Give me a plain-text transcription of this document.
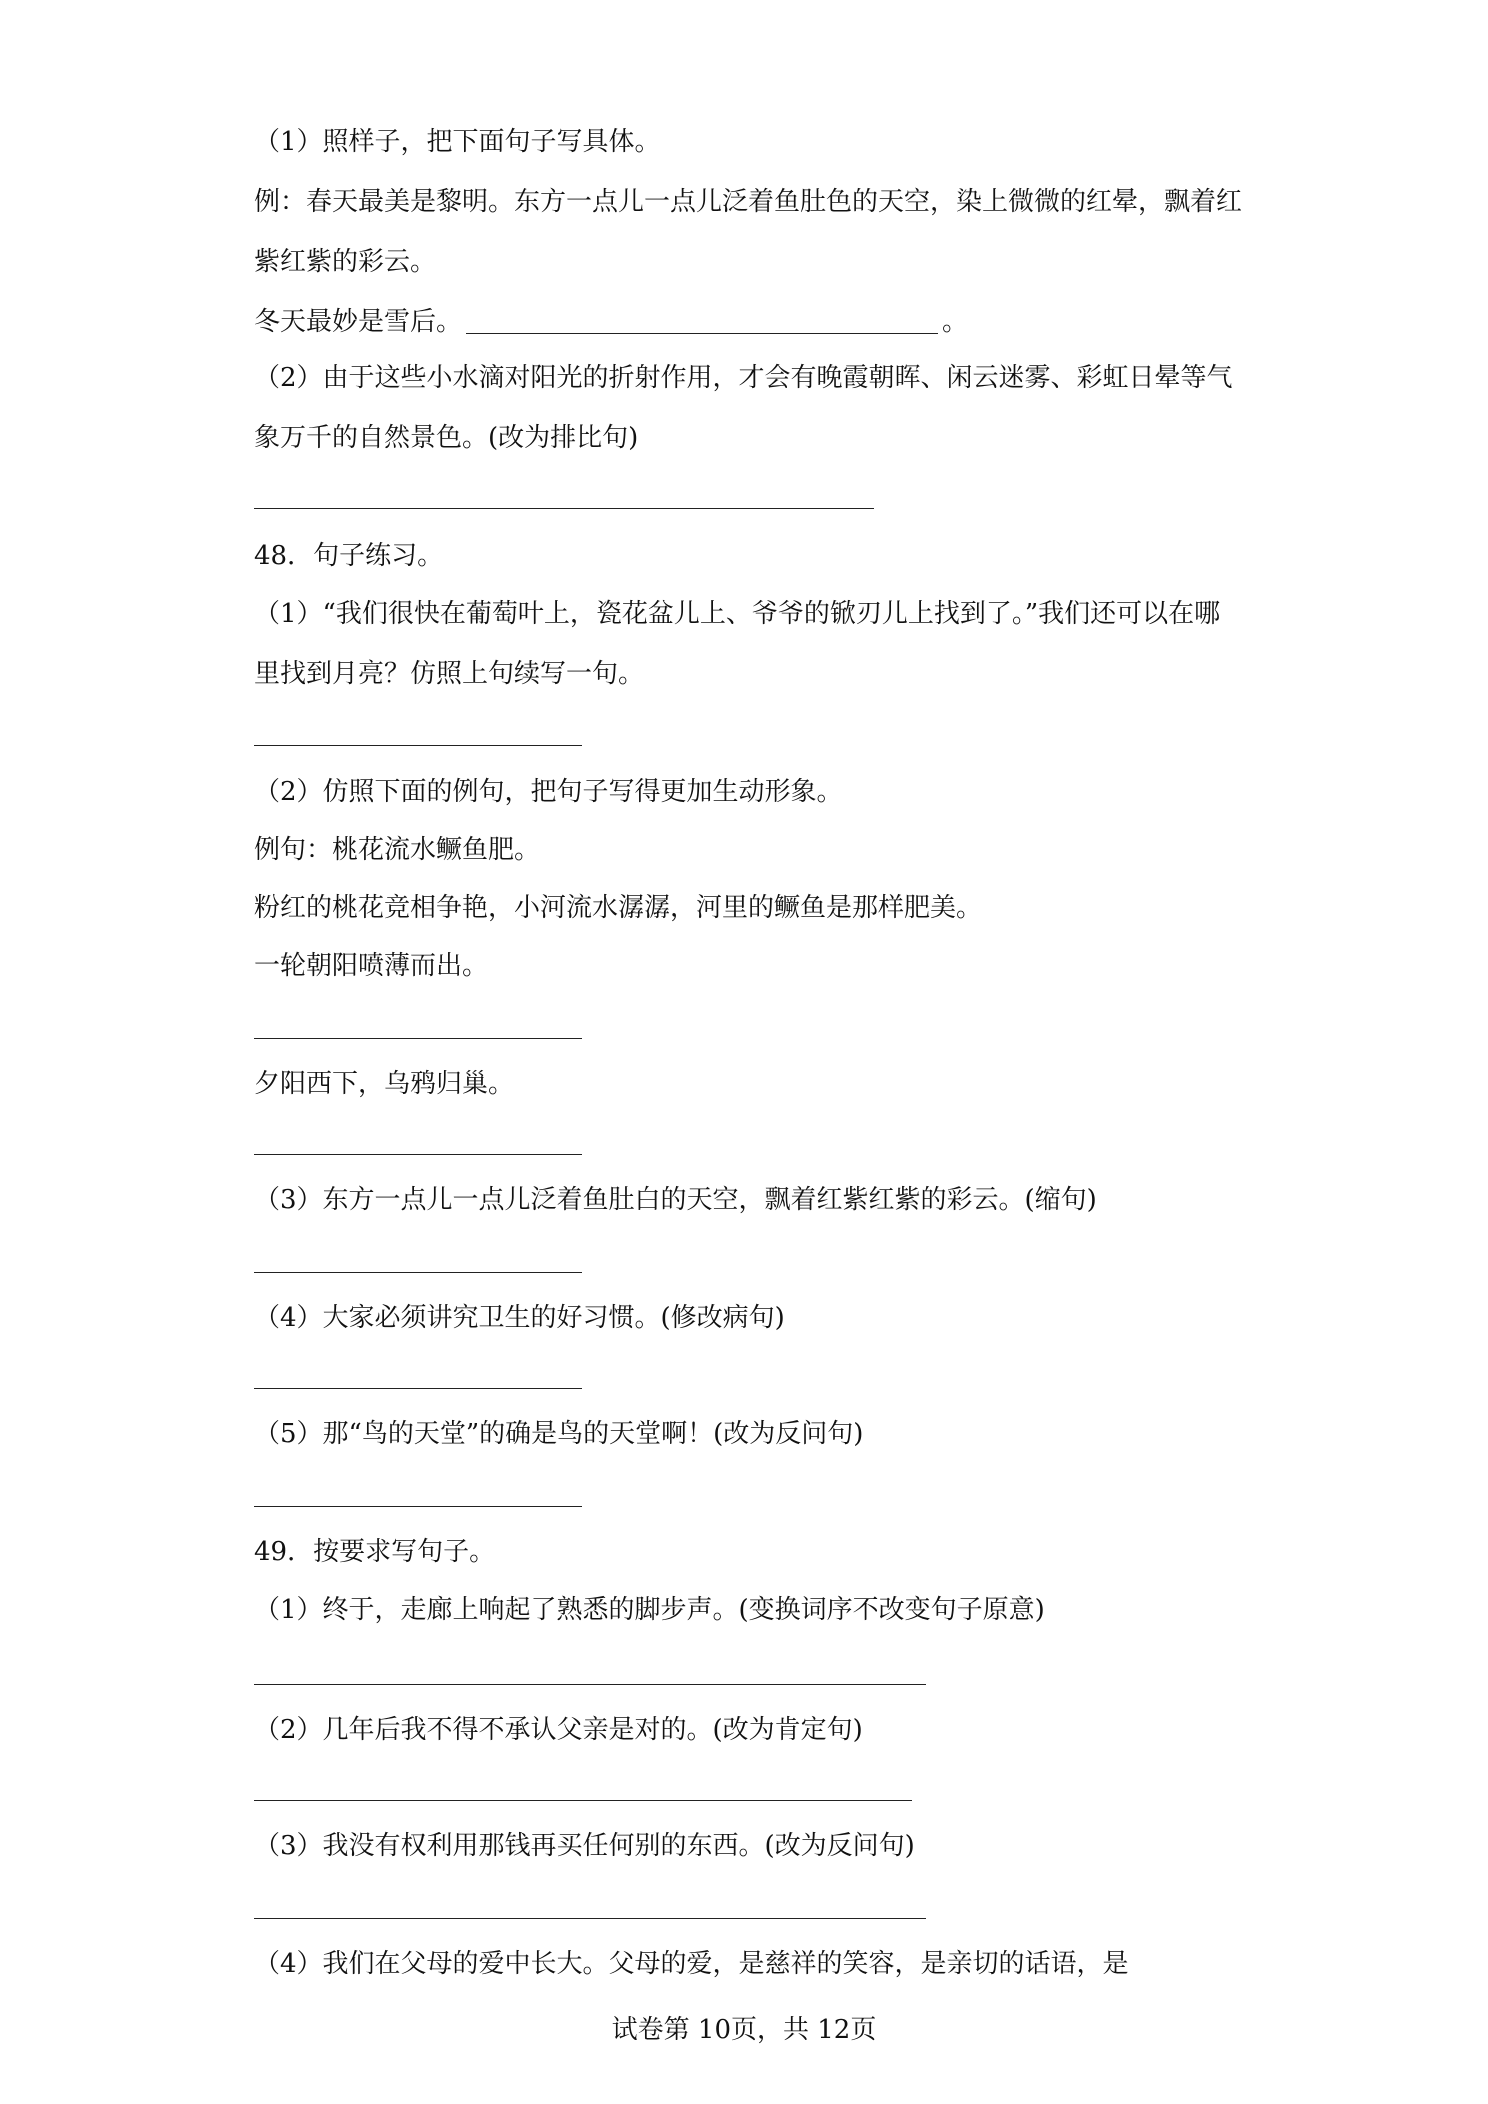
（1）照样子，把下面句子写具体。

例：春天最美是黎明。东方一点儿一点儿泛着鱼肚色的天空，染上微微的红晕，飘着红

紫红紫的彩云。

冬天最妙是雪后。	。

（2）由于这些小水滴对阳光的折射作用，才会有晚霞朝晖、闲云迷雾、彩虹日晕等气

象万千的自然景色。(改为排比句)

48．句子练习。

（1）“我们很快在葡萄叶上，瓷花盆儿上、爷爷的锨刃儿上找到了。”我们还可以在哪

里找到月亮？仿照上句续写一句。

（2）仿照下面的例句，把句子写得更加生动形象。

例句：桃花流水鳜鱼肥。

粉红的桃花竞相争艳，小河流水潺潺，河里的鳜鱼是那样肥美。

一轮朝阳喷薄而出。

夕阳西下，乌鸦归巢。

（3）东方一点儿一点儿泛着鱼肚白的天空，飘着红紫红紫的彩云。(缩句)

（4）大家必须讲究卫生的好习惯。(修改病句)

（5）那“鸟的天堂”的确是鸟的天堂啊！(改为反问句)

49．按要求写句子。

（1）终于，走廊上响起了熟悉的脚步声。(变换词序不改变句子原意)

（2）几年后我不得不承认父亲是对的。(改为肯定句)

（3）我没有权利用那钱再买任何别的东西。(改为反问句)

（4）我们在父母的爱中长大。父母的爱，是慈祥的笑容，是亲切的话语，是

试卷第 10页，共 12页
